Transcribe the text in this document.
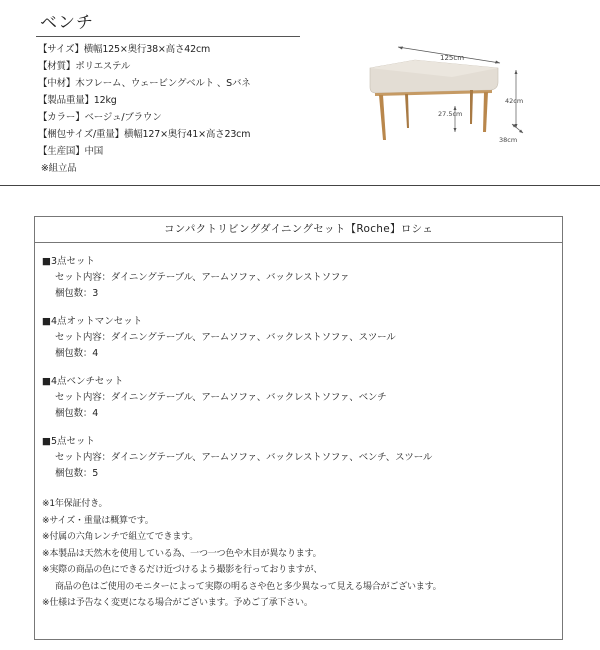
ベンチ
【サイズ】横幅125×奥行38×高さ42cm
【材質】ポリエステル
【中材】木フレーム、ウェービングベルト 、Sバネ
【製品重量】12kg
【カラー】ベージュ/ブラウン
【梱包サイズ/重量】横幅127×奥行41×高さ23cm
【生産国】中国
※組立品
125cm
27.5cm
42cm
38cm
コンパクトリビングダイニングセット【Roche】ロシェ
■3点セット
セット内容：ダイニングテーブル、アームソファ、バックレストソファ
梱包数：3
■4点オットマンセット
セット内容：ダイニングテーブル、アームソファ、バックレストソファ、スツール
梱包数：4
■4点ベンチセット
セット内容：ダイニングテーブル、アームソファ、バックレストソファ、ベンチ
梱包数：4
■5点セット
セット内容：ダイニングテーブル、アームソファ、バックレストソファ、ベンチ、スツール
梱包数：5
※1年保証付き。
※サイズ・重量は概算です。
※付属の六角レンチで組立てできます。
※本製品は天然木を使用している為、一つ一つ色や木目が異なります。
※実際の商品の色にできるだけ近づけるよう撮影を行っておりますが、
商品の色はご使用のモニターによって実際の明るさや色と多少異なって見える場合がございます。
※仕様は予告なく変更になる場合がございます。予めご了承下さい。
